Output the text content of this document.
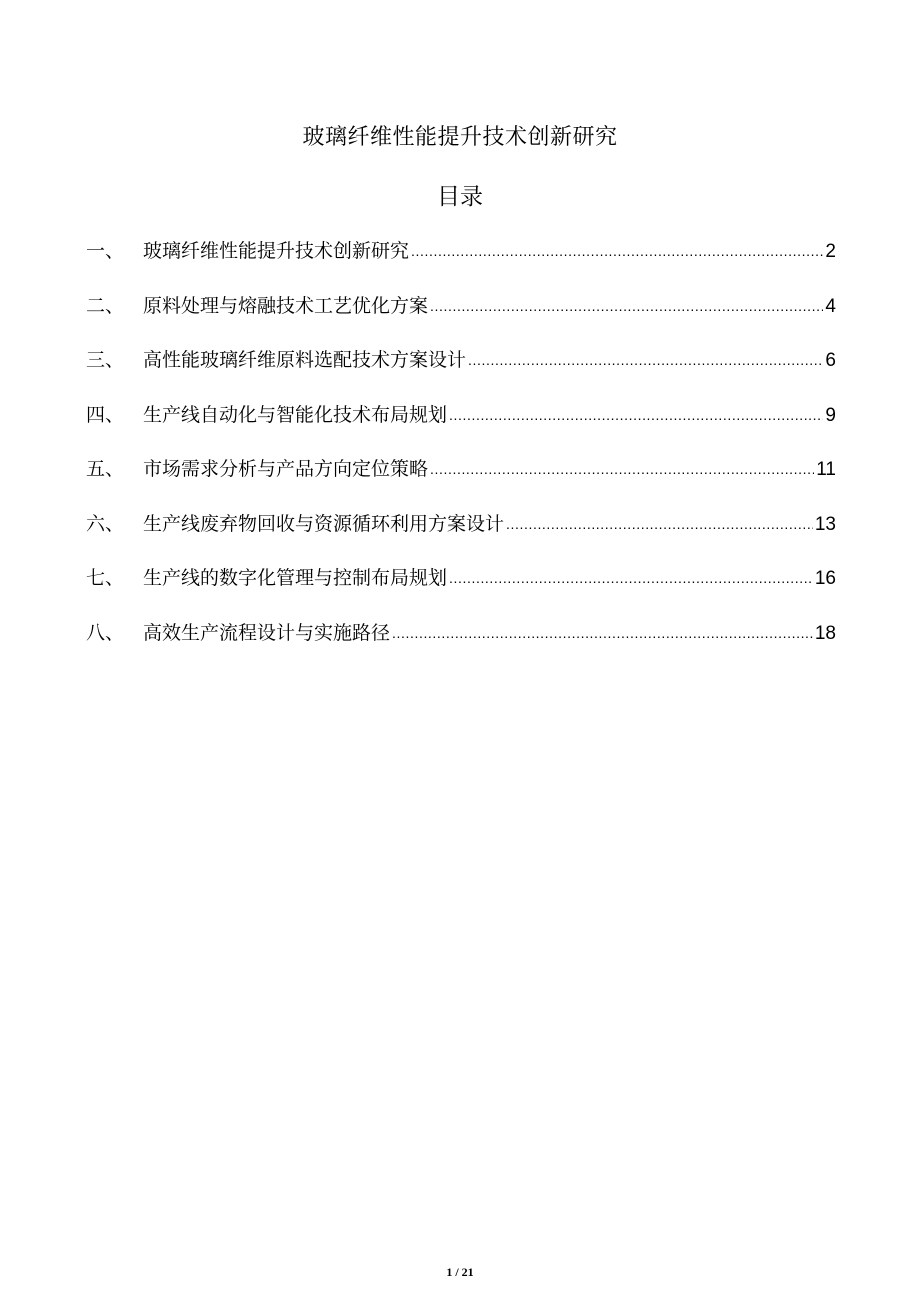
玻璃纤维性能提升技术创新研究
目录
一、 玻璃纤维性能提升技术创新研究 .....	2
二、 原料处理与熔融技术工艺优化方案 .....	4
三、 高性能玻璃纤维原料选配技术方案设计 .....	6
四、 生产线自动化与智能化技术布局规划 .....	9
五、 市场需求分析与产品方向定位策略 .....	11
六、 生产线废弃物回收与资源循环利用方案设计 .....	13
七、 生产线的数字化管理与控制布局规划 .....	16
八、 高效生产流程设计与实施路径 .....	18
1 / 21
